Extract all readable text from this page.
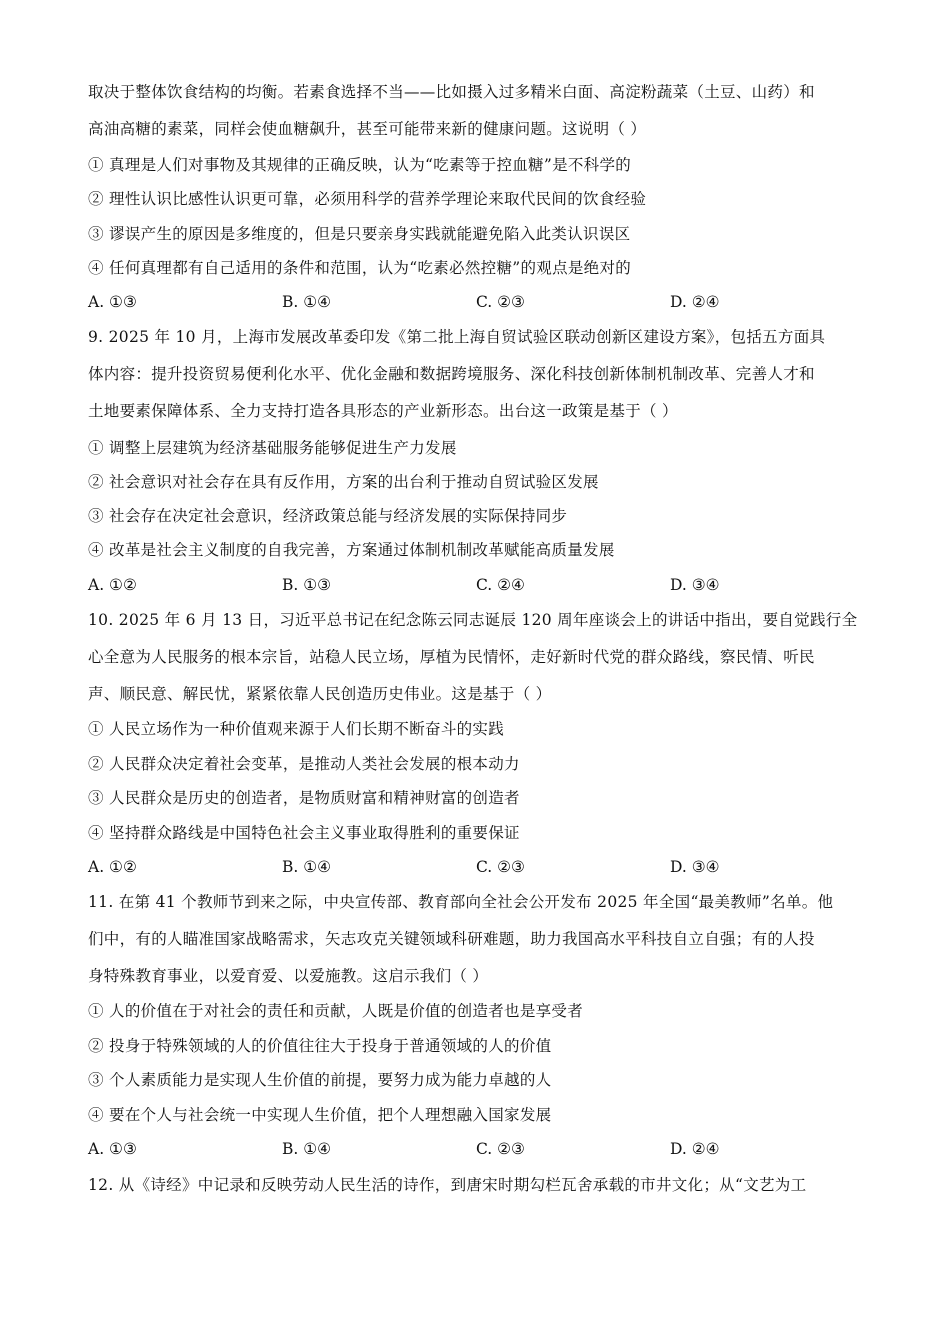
取决于整体饮食结构的均衡。若素食选择不当——比如摄入过多精米白面、高淀粉蔬菜（土豆、山药）和
高油高糖的素菜，同样会使血糖飙升，甚至可能带来新的健康问题。这说明（ ）
① 真理是人们对事物及其规律的正确反映，认为“吃素等于控血糖”是不科学的
② 理性认识比感性认识更可靠，必须用科学的营养学理论来取代民间的饮食经验
③ 谬误产生的原因是多维度的，但是只要亲身实践就能避免陷入此类认识误区
④ 任何真理都有自己适用的条件和范围，认为“吃素必然控糖”的观点是绝对的
A. ①③	B. ①④	C. ②③	D. ②④
9. 2025 年 10 月，上海市发展改革委印发《第二批上海自贸试验区联动创新区建设方案》，包括五方面具
体内容：提升投资贸易便利化水平、优化金融和数据跨境服务、深化科技创新体制机制改革、完善人才和
土地要素保障体系、全力支持打造各具形态的产业新形态。出台这一政策是基于（ ）
① 调整上层建筑为经济基础服务能够促进生产力发展
② 社会意识对社会存在具有反作用，方案的出台利于推动自贸试验区发展
③ 社会存在决定社会意识，经济政策总能与经济发展的实际保持同步
④ 改革是社会主义制度的自我完善，方案通过体制机制改革赋能高质量发展
A. ①②	B. ①③	C. ②④	D. ③④
10. 2025 年 6 月 13 日，习近平总书记在纪念陈云同志诞辰 120 周年座谈会上的讲话中指出，要自觉践行全
心全意为人民服务的根本宗旨，站稳人民立场，厚植为民情怀，走好新时代党的群众路线，察民情、听民
声、顺民意、解民忧，紧紧依靠人民创造历史伟业。这是基于（ ）
① 人民立场作为一种价值观来源于人们长期不断奋斗的实践
② 人民群众决定着社会变革，是推动人类社会发展的根本动力
③ 人民群众是历史的创造者，是物质财富和精神财富的创造者
④ 坚持群众路线是中国特色社会主义事业取得胜利的重要保证
A. ①②	B. ①④	C. ②③	D. ③④
11. 在第 41 个教师节到来之际，中央宣传部、教育部向全社会公开发布 2025 年全国“最美教师”名单。他
们中，有的人瞄准国家战略需求，矢志攻克关键领域科研难题，助力我国高水平科技自立自强；有的人投
身特殊教育事业，以爱育爱、以爱施教。这启示我们（ ）
① 人的价值在于对社会的责任和贡献，人既是价值的创造者也是享受者
② 投身于特殊领域的人的价值往往大于投身于普通领域的人的价值
③ 个人素质能力是实现人生价值的前提，要努力成为能力卓越的人
④ 要在个人与社会统一中实现人生价值，把个人理想融入国家发展
A. ①③	B. ①④	C. ②③	D. ②④
12. 从《诗经》中记录和反映劳动人民生活的诗作，到唐宋时期勾栏瓦舍承载的市井文化；从“文艺为工
